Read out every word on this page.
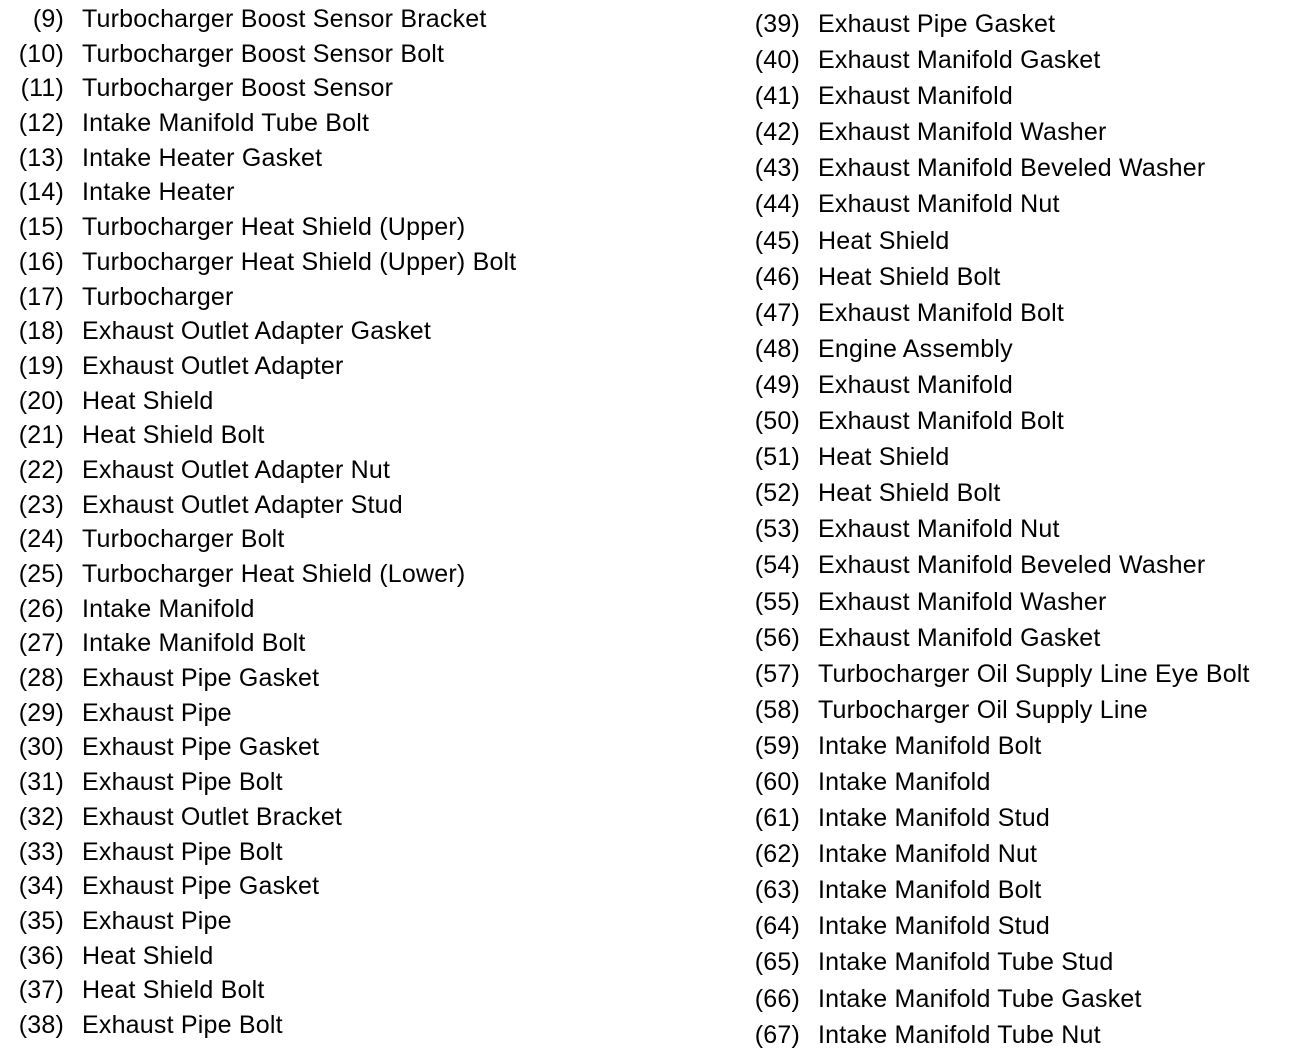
(9) Turbocharger Boost Sensor Bracket
(10) Turbocharger Boost Sensor Bolt
(11) Turbocharger Boost Sensor
(12) Intake Manifold Tube Bolt
(13) Intake Heater Gasket
(14) Intake Heater
(15) Turbocharger Heat Shield (Upper)
(16) Turbocharger Heat Shield (Upper) Bolt
(17) Turbocharger
(18) Exhaust Outlet Adapter Gasket
(19) Exhaust Outlet Adapter
(20) Heat Shield
(21) Heat Shield Bolt
(22) Exhaust Outlet Adapter Nut
(23) Exhaust Outlet Adapter Stud
(24) Turbocharger Bolt
(25) Turbocharger Heat Shield (Lower)
(26) Intake Manifold
(27) Intake Manifold Bolt
(28) Exhaust Pipe Gasket
(29) Exhaust Pipe
(30) Exhaust Pipe Gasket
(31) Exhaust Pipe Bolt
(32) Exhaust Outlet Bracket
(33) Exhaust Pipe Bolt
(34) Exhaust Pipe Gasket
(35) Exhaust Pipe
(36) Heat Shield
(37) Heat Shield Bolt
(38) Exhaust Pipe Bolt
(39) Exhaust Pipe Gasket
(40) Exhaust Manifold Gasket
(41) Exhaust Manifold
(42) Exhaust Manifold Washer
(43) Exhaust Manifold Beveled Washer
(44) Exhaust Manifold Nut
(45) Heat Shield
(46) Heat Shield Bolt
(47) Exhaust Manifold Bolt
(48) Engine Assembly
(49) Exhaust Manifold
(50) Exhaust Manifold Bolt
(51) Heat Shield
(52) Heat Shield Bolt
(53) Exhaust Manifold Nut
(54) Exhaust Manifold Beveled Washer
(55) Exhaust Manifold Washer
(56) Exhaust Manifold Gasket
(57) Turbocharger Oil Supply Line Eye Bolt
(58) Turbocharger Oil Supply Line
(59) Intake Manifold Bolt
(60) Intake Manifold
(61) Intake Manifold Stud
(62) Intake Manifold Nut
(63) Intake Manifold Bolt
(64) Intake Manifold Stud
(65) Intake Manifold Tube Stud
(66) Intake Manifold Tube Gasket
(67) Intake Manifold Tube Nut
